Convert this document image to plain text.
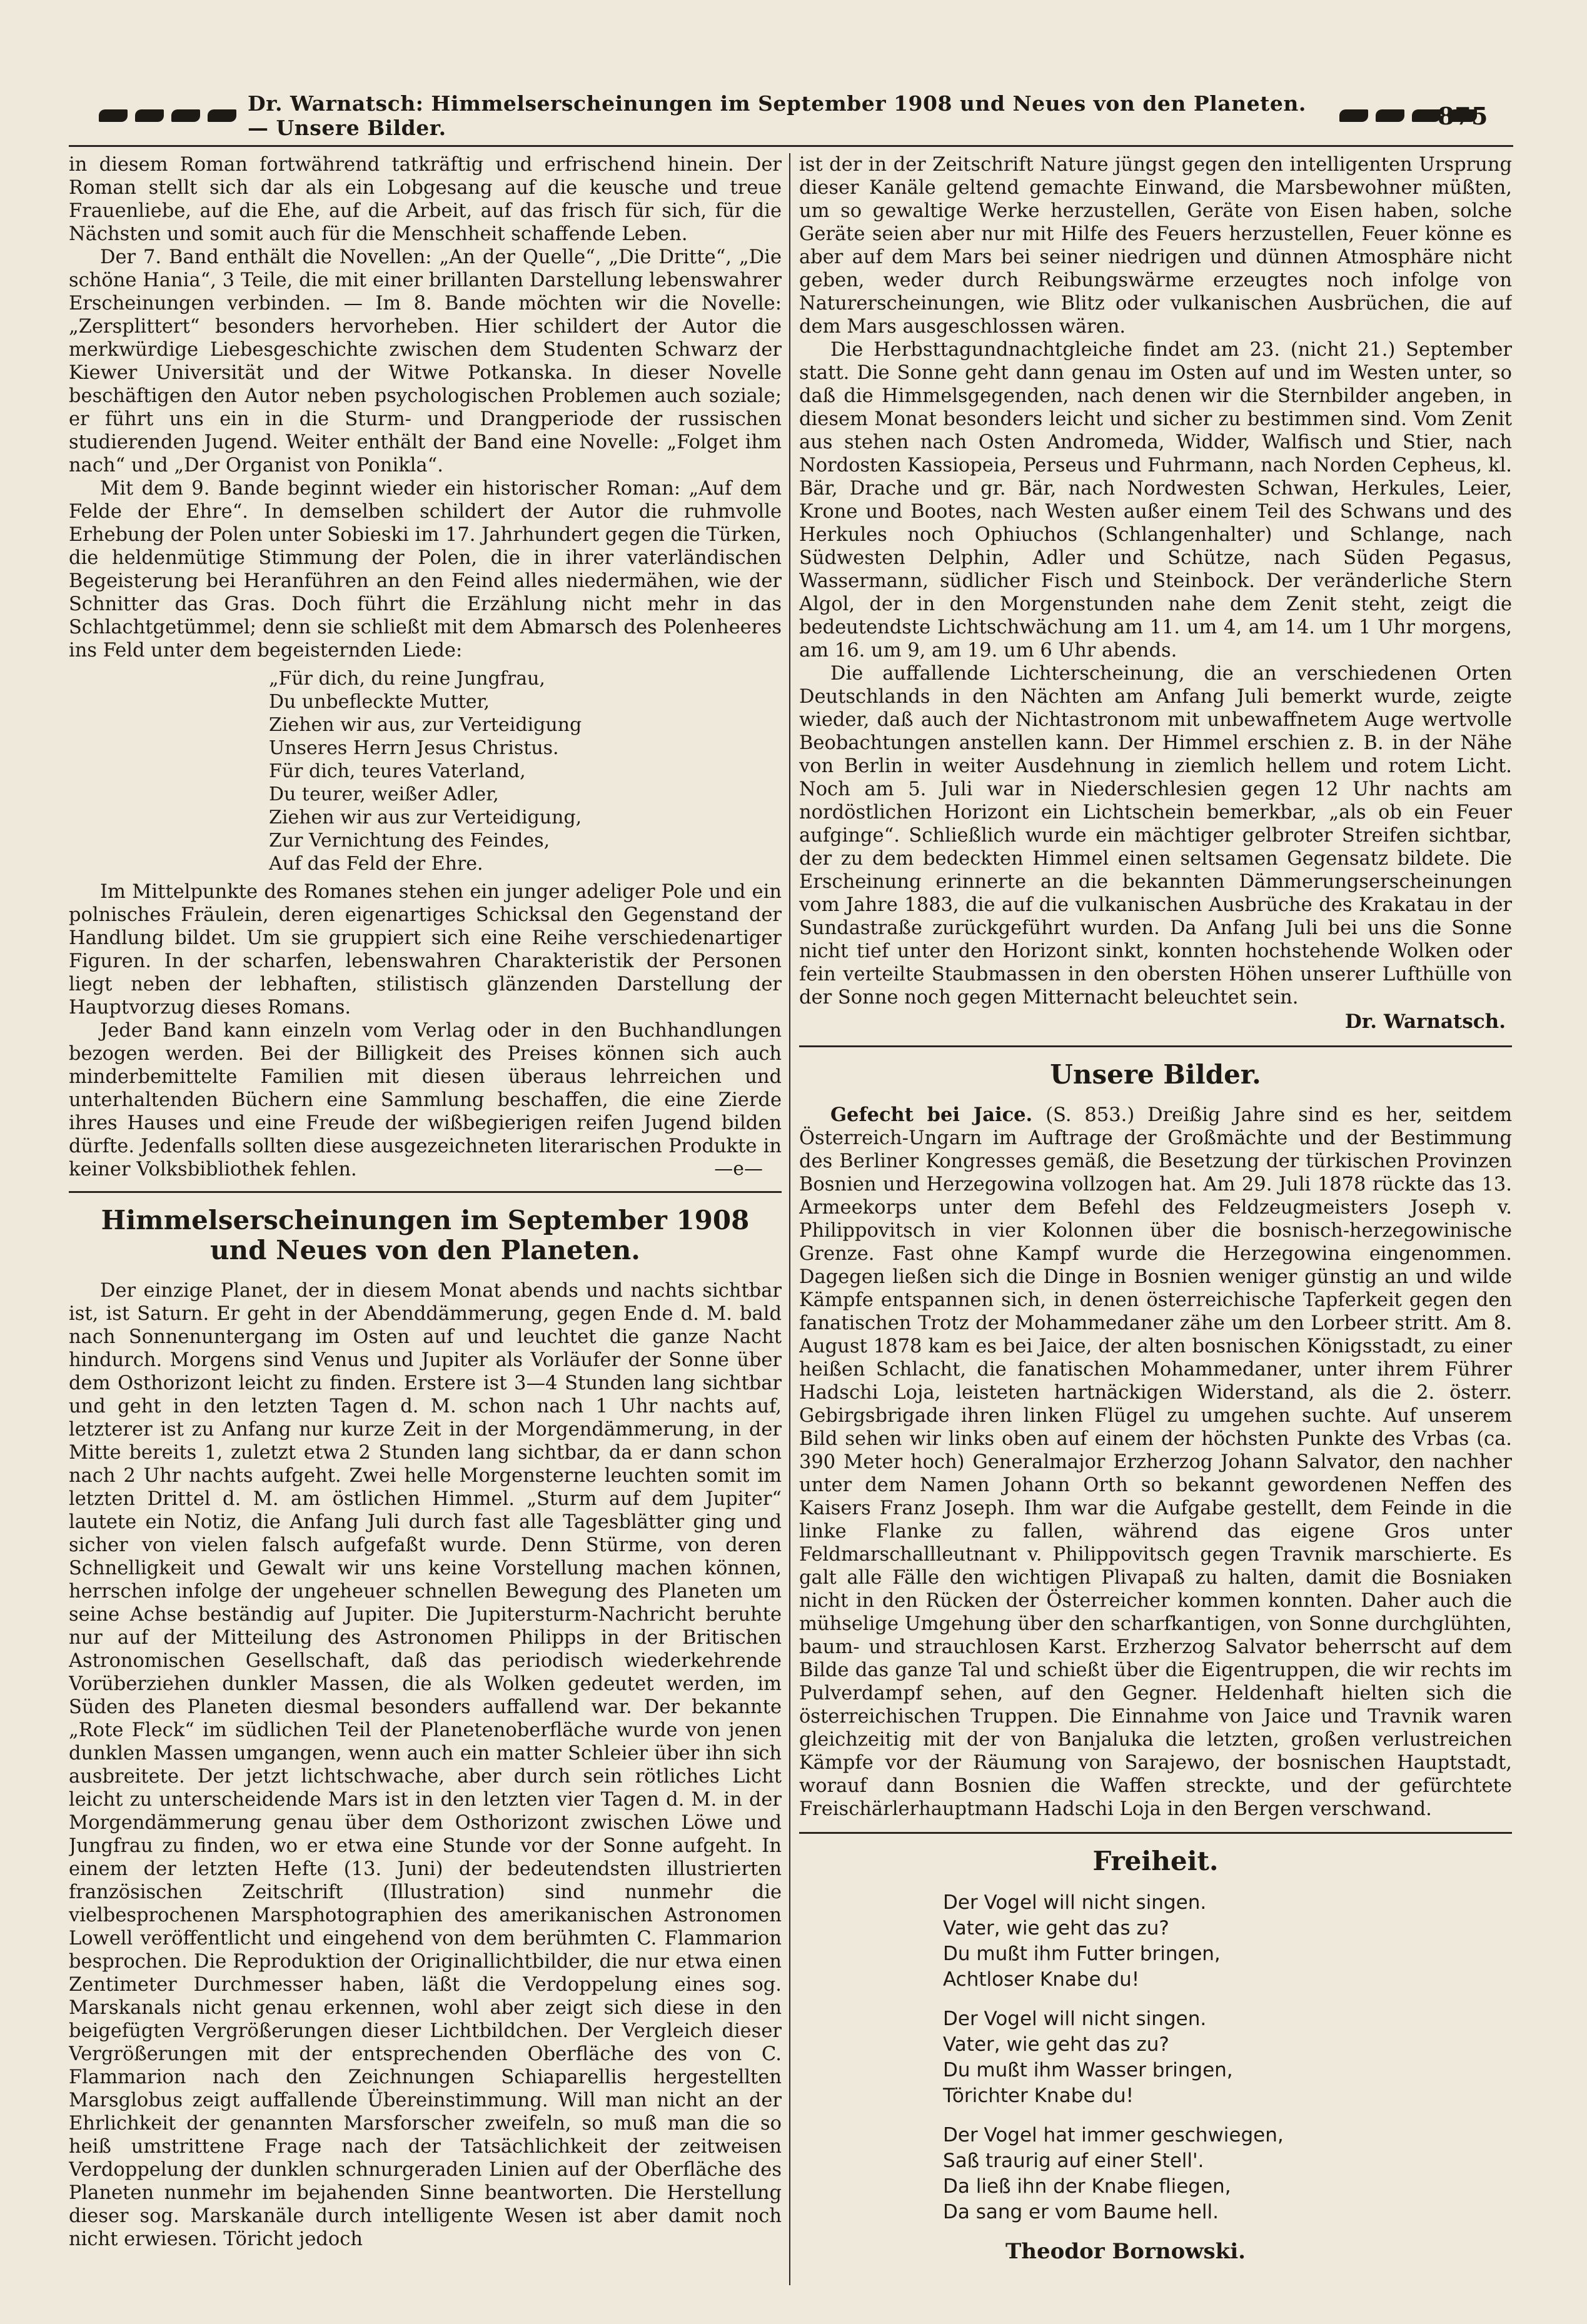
Dr. Warnatsch: Himmelserscheinungen im September 1908 und Neues von den Planeten. — Unsere Bilder.	875

in diesem Roman fortwährend tatkräftig und erfrischend hinein. Der Roman stellt sich dar als ein Lobgesang auf die keusche und treue Frauenliebe, auf die Ehe, auf die Arbeit, auf das frisch für sich, für die Nächsten und somit auch für die Menschheit schaffende Leben.

Der 7. Band enthält die Novellen: „An der Quelle“, „Die Dritte“, „Die schöne Hania“, 3 Teile, die mit einer brillanten Darstellung lebenswahrer Erscheinungen verbinden. — Im 8. Bande möchten wir die Novelle: „Zersplittert“ besonders hervorheben. Hier schildert der Autor die merkwürdige Liebesgeschichte zwischen dem Studenten Schwarz der Kiewer Universität und der Witwe Potkanska. In dieser Novelle beschäftigen den Autor neben psychologischen Problemen auch soziale; er führt uns ein in die Sturm- und Drangperiode der russischen studierenden Jugend. Weiter enthält der Band eine Novelle: „Folget ihm nach“ und „Der Organist von Ponikla“.

Mit dem 9. Bande beginnt wieder ein historischer Roman: „Auf dem Felde der Ehre“. In demselben schildert der Autor die ruhmvolle Erhebung der Polen unter Sobieski im 17. Jahrhundert gegen die Türken, die heldenmütige Stimmung der Polen, die in ihrer vaterländischen Begeisterung bei Heranführen an den Feind alles niedermähen, wie der Schnitter das Gras. Doch führt die Erzählung nicht mehr in das Schlachtgetümmel; denn sie schließt mit dem Abmarsch des Polenheeres ins Feld unter dem begeisternden Liede:

„Für dich, du reine Jungfrau,
Du unbefleckte Mutter,
Ziehen wir aus, zur Verteidigung
Unseres Herrn Jesus Christus.
Für dich, teures Vaterland,
Du teurer, weißer Adler,
Ziehen wir aus zur Verteidigung,
Zur Vernichtung des Feindes,
Auf das Feld der Ehre.

Im Mittelpunkte des Romanes stehen ein junger adeliger Pole und ein polnisches Fräulein, deren eigenartiges Schicksal den Gegenstand der Handlung bildet. Um sie gruppiert sich eine Reihe verschiedenartiger Figuren. In der scharfen, lebenswahren Charakteristik der Personen liegt neben der lebhaften, stilistisch glänzenden Darstellung der Hauptvorzug dieses Romans.

Jeder Band kann einzeln vom Verlag oder in den Buchhandlungen bezogen werden. Bei der Billigkeit des Preises können sich auch minderbemittelte Familien mit diesen überaus lehrreichen und unterhaltenden Büchern eine Sammlung beschaffen, die eine Zierde ihres Hauses und eine Freude der wißbegierigen reifen Jugend bilden dürfte. Jedenfalls sollten diese ausgezeichneten literarischen Produkte in keiner Volksbibliothek fehlen.	—e—
Himmelserscheinungen im September 1908 und Neues von den Planeten.

Der einzige Planet, der in diesem Monat abends und nachts sichtbar ist, ist Saturn. Er geht in der Abenddämmerung, gegen Ende d. M. bald nach Sonnenuntergang im Osten auf und leuchtet die ganze Nacht hindurch. Morgens sind Venus und Jupiter als Vorläufer der Sonne über dem Osthorizont leicht zu finden. Erstere ist 3—4 Stunden lang sichtbar und geht in den letzten Tagen d. M. schon nach 1 Uhr nachts auf, letzterer ist zu Anfang nur kurze Zeit in der Morgendämmerung, in der Mitte bereits 1, zuletzt etwa 2 Stunden lang sichtbar, da er dann schon nach 2 Uhr nachts aufgeht. Zwei helle Morgensterne leuchten somit im letzten Drittel d. M. am östlichen Himmel. „Sturm auf dem Jupiter“ lautete ein Notiz, die Anfang Juli durch fast alle Tagesblätter ging und sicher von vielen falsch aufgefaßt wurde. Denn Stürme, von deren Schnelligkeit und Gewalt wir uns keine Vorstellung machen können, herrschen infolge der ungeheuer schnellen Bewegung des Planeten um seine Achse beständig auf Jupiter. Die Jupitersturm-Nachricht beruhte nur auf der Mitteilung des Astronomen Philipps in der Britischen Astronomischen Gesellschaft, daß das periodisch wiederkehrende Vorüberziehen dunkler Massen, die als Wolken gedeutet werden, im Süden des Planeten diesmal besonders auffallend war. Der bekannte „Rote Fleck“ im südlichen Teil der Planetenoberfläche wurde von jenen dunklen Massen umgangen, wenn auch ein matter Schleier über ihn sich ausbreitete. Der jetzt lichtschwache, aber durch sein rötliches Licht leicht zu unterscheidende Mars ist in den letzten vier Tagen d. M. in der Morgendämmerung genau über dem Osthorizont zwischen Löwe und Jungfrau zu finden, wo er etwa eine Stunde vor der Sonne aufgeht. In einem der letzten Hefte (13. Juni) der bedeutendsten illustrierten französischen Zeitschrift (Illustration) sind nunmehr die vielbesprochenen Marsphotographien des amerikanischen Astronomen Lowell veröffentlicht und eingehend von dem berühmten C. Flammarion besprochen. Die Reproduktion der Originallichtbilder, die nur etwa einen Zentimeter Durchmesser haben, läßt die Verdoppelung eines sog. Marskanals nicht genau erkennen, wohl aber zeigt sich diese in den beigefügten Vergrößerungen dieser Lichtbildchen. Der Vergleich dieser Vergrößerungen mit der entsprechenden Oberfläche des von C. Flammarion nach den Zeichnungen Schiaparellis hergestellten Marsglobus zeigt auffallende Übereinstimmung. Will man nicht an der Ehrlichkeit der genannten Marsforscher zweifeln, so muß man die so heiß umstrittene Frage nach der Tatsächlichkeit der zeitweisen Verdoppelung der dunklen schnurgeraden Linien auf der Oberfläche des Planeten nunmehr im bejahenden Sinne beantworten. Die Herstellung dieser sog. Marskanäle durch intelligente Wesen ist aber damit noch nicht erwiesen. Töricht jedoch

ist der in der Zeitschrift Nature jüngst gegen den intelligenten Ursprung dieser Kanäle geltend gemachte Einwand, die Marsbewohner müßten, um so gewaltige Werke herzustellen, Geräte von Eisen haben, solche Geräte seien aber nur mit Hilfe des Feuers herzustellen, Feuer könne es aber auf dem Mars bei seiner niedrigen und dünnen Atmosphäre nicht geben, weder durch Reibungswärme erzeugtes noch infolge von Naturerscheinungen, wie Blitz oder vulkanischen Ausbrüchen, die auf dem Mars ausgeschlossen wären.

Die Herbsttagundnachtgleiche findet am 23. (nicht 21.) September statt. Die Sonne geht dann genau im Osten auf und im Westen unter, so daß die Himmelsgegenden, nach denen wir die Sternbilder angeben, in diesem Monat besonders leicht und sicher zu bestimmen sind. Vom Zenit aus stehen nach Osten Andromeda, Widder, Walfisch und Stier, nach Nordosten Kassiopeia, Perseus und Fuhrmann, nach Norden Cepheus, kl. Bär, Drache und gr. Bär, nach Nordwesten Schwan, Herkules, Leier, Krone und Bootes, nach Westen außer einem Teil des Schwans und des Herkules noch Ophiuchos (Schlangenhalter) und Schlange, nach Südwesten Delphin, Adler und Schütze, nach Süden Pegasus, Wassermann, südlicher Fisch und Steinbock. Der veränderliche Stern Algol, der in den Morgenstunden nahe dem Zenit steht, zeigt die bedeutendste Lichtschwächung am 11. um 4, am 14. um 1 Uhr morgens, am 16. um 9, am 19. um 6 Uhr abends.

Die auffallende Lichterscheinung, die an verschiedenen Orten Deutschlands in den Nächten am Anfang Juli bemerkt wurde, zeigte wieder, daß auch der Nichtastronom mit unbewaffnetem Auge wertvolle Beobachtungen anstellen kann. Der Himmel erschien z. B. in der Nähe von Berlin in weiter Ausdehnung in ziemlich hellem und rotem Licht. Noch am 5. Juli war in Niederschlesien gegen 12 Uhr nachts am nordöstlichen Horizont ein Lichtschein bemerkbar, „als ob ein Feuer aufginge“. Schließlich wurde ein mächtiger gelbroter Streifen sichtbar, der zu dem bedeckten Himmel einen seltsamen Gegensatz bildete. Die Erscheinung erinnerte an die bekannten Dämmerungserscheinungen vom Jahre 1883, die auf die vulkanischen Ausbrüche des Krakatau in der Sundastraße zurückgeführt wurden. Da Anfang Juli bei uns die Sonne nicht tief unter den Horizont sinkt, konnten hochstehende Wolken oder fein verteilte Staubmassen in den obersten Höhen unserer Lufthülle von der Sonne noch gegen Mitternacht beleuchtet sein.

Dr. Warnatsch.
Unsere Bilder.

Gefecht bei Jaice. (S. 853.) Dreißig Jahre sind es her, seitdem Österreich-Ungarn im Auftrage der Großmächte und der Bestimmung des Berliner Kongresses gemäß, die Besetzung der türkischen Provinzen Bosnien und Herzegowina vollzogen hat. Am 29. Juli 1878 rückte das 13. Armeekorps unter dem Befehl des Feldzeugmeisters Joseph v. Philippovitsch in vier Kolonnen über die bosnisch-herzegowinische Grenze. Fast ohne Kampf wurde die Herzegowina eingenommen. Dagegen ließen sich die Dinge in Bosnien weniger günstig an und wilde Kämpfe entspannen sich, in denen österreichische Tapferkeit gegen den fanatischen Trotz der Mohammedaner zähe um den Lorbeer stritt. Am 8. August 1878 kam es bei Jaice, der alten bosnischen Königsstadt, zu einer heißen Schlacht, die fanatischen Mohammedaner, unter ihrem Führer Hadschi Loja, leisteten hartnäckigen Widerstand, als die 2. österr. Gebirgsbrigade ihren linken Flügel zu umgehen suchte. Auf unserem Bild sehen wir links oben auf einem der höchsten Punkte des Vrbas (ca. 390 Meter hoch) Generalmajor Erzherzog Johann Salvator, den nachher unter dem Namen Johann Orth so bekannt gewordenen Neffen des Kaisers Franz Joseph. Ihm war die Aufgabe gestellt, dem Feinde in die linke Flanke zu fallen, während das eigene Gros unter Feldmarschallleutnant v. Philippovitsch gegen Travnik marschierte. Es galt alle Fälle den wichtigen Plivapaß zu halten, damit die Bosniaken nicht in den Rücken der Österreicher kommen konnten. Daher auch die mühselige Umgehung über den scharfkantigen, von Sonne durchglühten, baum- und strauchlosen Karst. Erzherzog Salvator beherrscht auf dem Bilde das ganze Tal und schießt über die Eigentruppen, die wir rechts im Pulverdampf sehen, auf den Gegner. Heldenhaft hielten sich die österreichischen Truppen. Die Einnahme von Jaice und Travnik waren gleichzeitig mit der von Banjaluka die letzten, großen verlustreichen Kämpfe vor der Räumung von Sarajewo, der bosnischen Hauptstadt, worauf dann Bosnien die Waffen streckte, und der gefürchtete Freischärlerhauptmann Hadschi Loja in den Bergen verschwand.

Freiheit.
Der Vogel will nicht singen.
Vater, wie geht das zu?
Du mußt ihm Futter bringen,
Achtloser Knabe du!
Der Vogel will nicht singen.
Vater, wie geht das zu?
Du mußt ihm Wasser bringen,
Törichter Knabe du!
Der Vogel hat immer geschwiegen,
Saß traurig auf einer Stell'.
Da ließ ihn der Knabe fliegen,
Da sang er vom Baume hell.
Theodor Bornowski.
